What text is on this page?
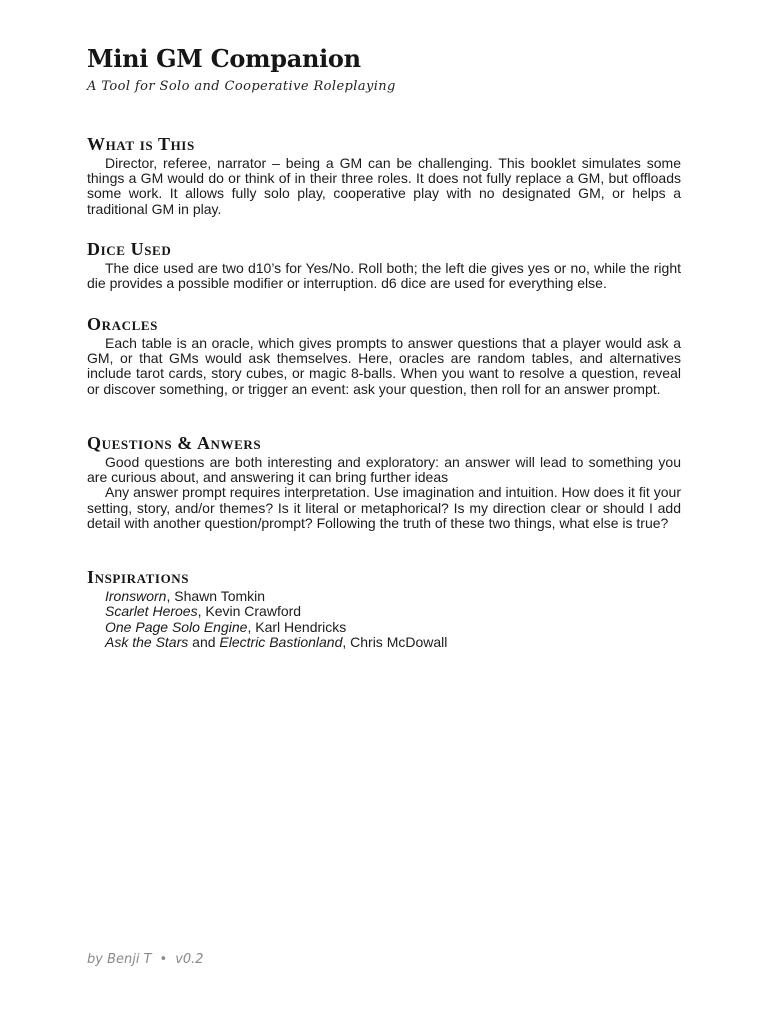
Mini GM Companion
A Tool for Solo and Cooperative Roleplaying
What is This

Director, referee, narrator – being a GM can be challenging. This booklet simulates some things a GM would do or think of in their three roles. It does not fully replace a GM, but offloads some work. It allows fully solo play, cooperative play with no designated GM, or helps a traditional GM in play.

Dice Used

The dice used are two d10’s for Yes/No. Roll both; the left die gives yes or no, while the right die provides a possible modifier or interruption. d6 dice are used for everything else.

Oracles

Each table is an oracle, which gives prompts to answer questions that a player would ask a GM, or that GMs would ask themselves. Here, oracles are random tables, and alternatives include tarot cards, story cubes, or magic 8-balls. When you want to resolve a question, reveal or discover something, or trigger an event: ask your question, then roll for an answer prompt.

Questions & Anwers

Good questions are both interesting and exploratory: an answer will lead to something you are curious about, and answering it can bring further ideas

Any answer prompt requires interpretation. Use imagination and intuition. How does it fit your setting, story, and/or themes? Is it literal or metaphorical? Is my direction clear or should I add detail with another question/prompt? Following the truth of these two things, what else is true?

Inspirations
Ironsworn, Shawn Tomkin
Scarlet Heroes, Kevin Crawford
One Page Solo Engine, Karl Hendricks
Ask the Stars and Electric Bastionland, Chris McDowall
by Benji T • v0.2
